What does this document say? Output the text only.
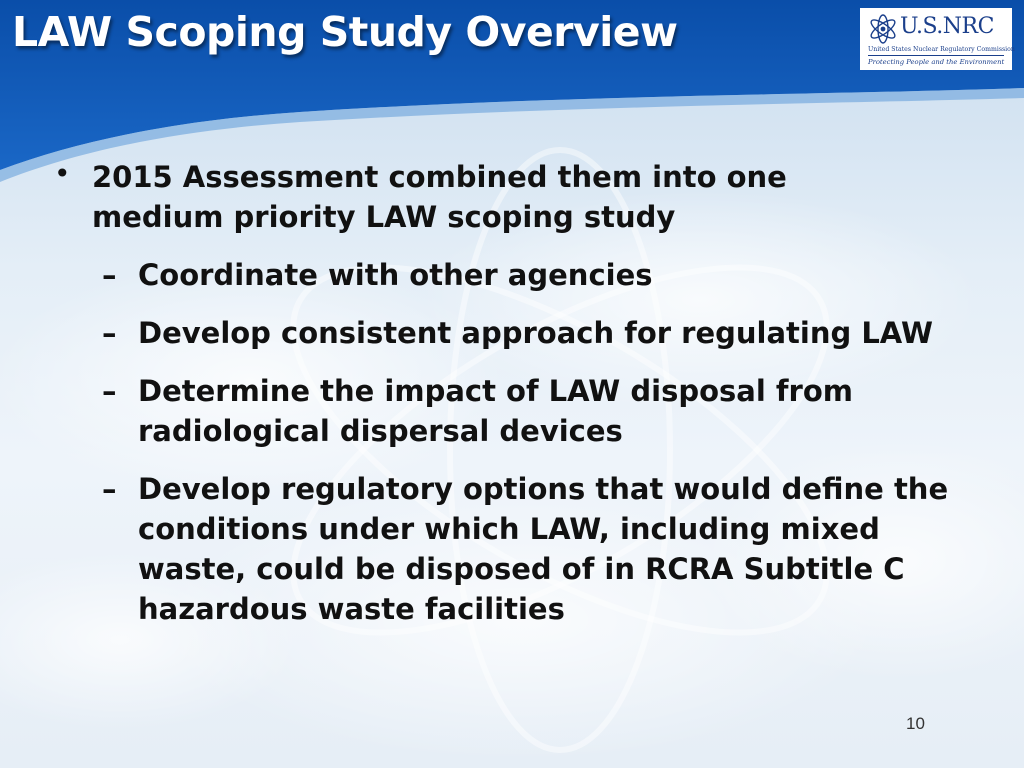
LAW Scoping Study Overview	U.S.NRC
United States Nuclear Regulatory Commission
Protecting People and the Environment
• 2015 Assessment combined them into one medium priority LAW scoping study
– Coordinate with other agencies
– Develop consistent approach for regulating LAW
– Determine the impact of LAW disposal from radiological dispersal devices
– Develop regulatory options that would define the conditions under which LAW, including mixed waste, could be disposed of in RCRA Subtitle C hazardous waste facilities
10
